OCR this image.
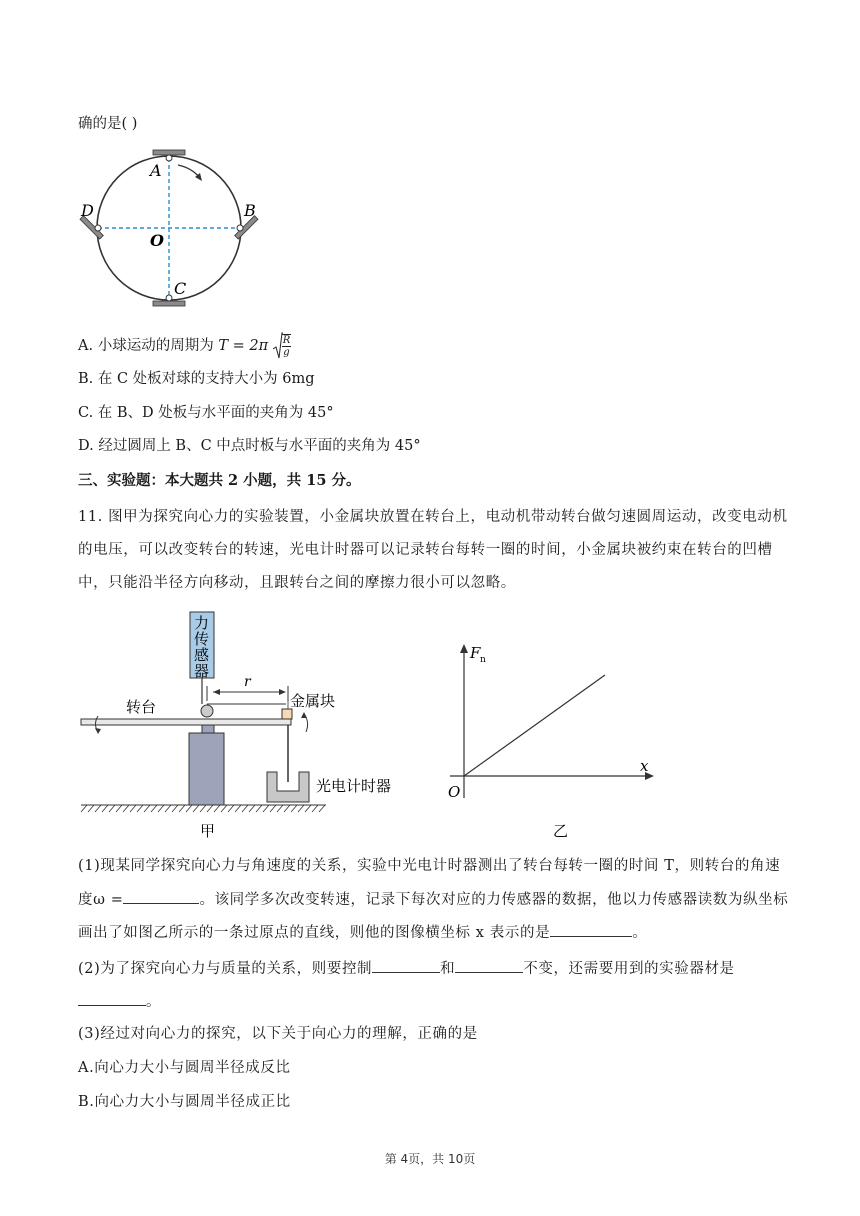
确的是( )
A
B
C
D
O
A. 小球运动的周期为 $T = 2\pi \frac{R}{g}$
B. 在 C 处板对球的支持大小为 6mg
C. 在 B、D 处板与水平面的夹角为 45°
D. 经过圆周上 B、C 中点时板与水平面的夹角为 45°
三、实验题：本大题共 2 小题，共 15 分。
11. 图甲为探究向心力的实验装置，小金属块放置在转台上，电动机带动转台做匀速圆周运动，改变电动机
的电压，可以改变转台的转速，光电计时器可以记录转台每转一圈的时间，小金属块被约束在转台的凹槽
中，只能沿半径方向移动，且跟转台之间的摩擦力很小可以忽略。
力
传
感
器
r
金属块
转台
光电计时器
甲
F n
x
O
乙
(1)现某同学探究向心力与角速度的关系，实验中光电计时器测出了转台每转一圈的时间 T，则转台的角速
度ω =	。该同学多次改变转速，记录下每次对应的力传感器的数据，他以力传感器读数为纵坐标
画出了如图乙所示的一条过原点的直线，则他的图像横坐标 x 表示的是	。
(2)为了探究向心力与质量的关系，则要控制	和	不变，还需要用到的实验器材是
。
(3)经过对向心力的探究，以下关于向心力的理解，正确的是
A.向心力大小与圆周半径成反比
B.向心力大小与圆周半径成正比
第 4页，共 10页
